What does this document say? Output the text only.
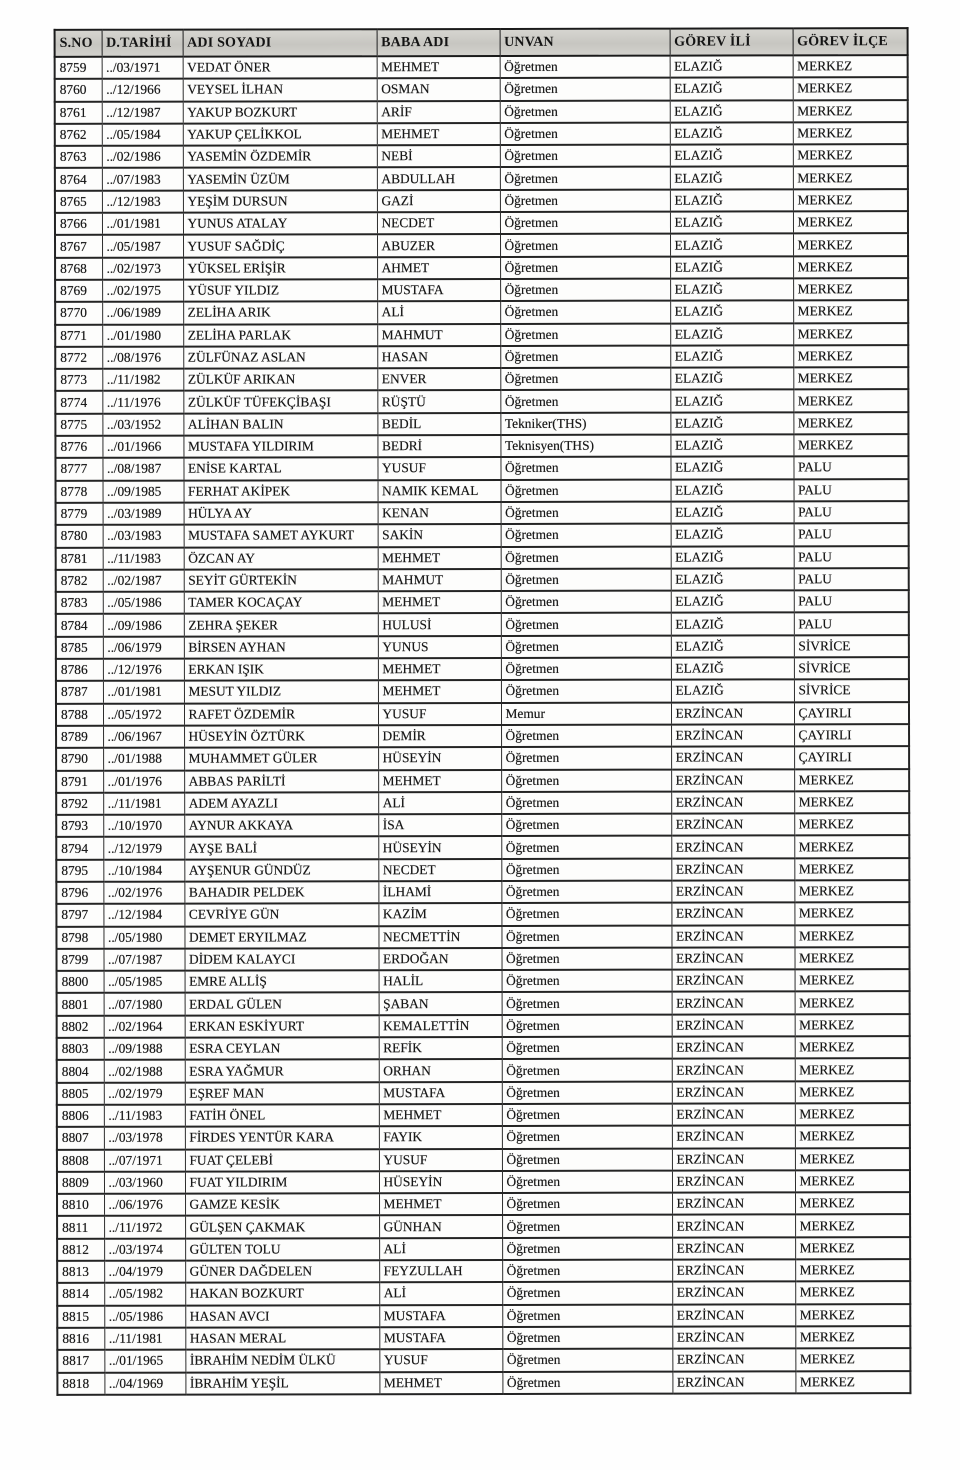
S.NO	D.TARİHİ	ADI SOYADI	BABA ADI	UNVAN	GÖREV İLİ	GÖREV İLÇE
8759	../03/1971	VEDAT ÖNER	MEHMET	Öğretmen	ELAZIĞ	MERKEZ
8760	../12/1966	VEYSEL İLHAN	OSMAN	Öğretmen	ELAZIĞ	MERKEZ
8761	../12/1987	YAKUP BOZKURT	ARİF	Öğretmen	ELAZIĞ	MERKEZ
8762	../05/1984	YAKUP ÇELİKKOL	MEHMET	Öğretmen	ELAZIĞ	MERKEZ
8763	../02/1986	YASEMİN ÖZDEMİR	NEBİ	Öğretmen	ELAZIĞ	MERKEZ
8764	../07/1983	YASEMİN ÜZÜM	ABDULLAH	Öğretmen	ELAZIĞ	MERKEZ
8765	../12/1983	YEŞİM DURSUN	GAZİ	Öğretmen	ELAZIĞ	MERKEZ
8766	../01/1981	YUNUS ATALAY	NECDET	Öğretmen	ELAZIĞ	MERKEZ
8767	../05/1987	YUSUF SAĞDİÇ	ABUZER	Öğretmen	ELAZIĞ	MERKEZ
8768	../02/1973	YÜKSEL ERİŞİR	AHMET	Öğretmen	ELAZIĞ	MERKEZ
8769	../02/1975	YÜSUF YILDIZ	MUSTAFA	Öğretmen	ELAZIĞ	MERKEZ
8770	../06/1989	ZELİHA ARIK	ALİ	Öğretmen	ELAZIĞ	MERKEZ
8771	../01/1980	ZELİHA PARLAK	MAHMUT	Öğretmen	ELAZIĞ	MERKEZ
8772	../08/1976	ZÜLFÜNAZ ASLAN	HASAN	Öğretmen	ELAZIĞ	MERKEZ
8773	../11/1982	ZÜLKÜF ARIKAN	ENVER	Öğretmen	ELAZIĞ	MERKEZ
8774	../11/1976	ZÜLKÜF TÜFEKÇİBAŞI	RÜŞTÜ	Öğretmen	ELAZIĞ	MERKEZ
8775	../03/1952	ALİHAN BALIN	BEDİL	Tekniker(THS)	ELAZIĞ	MERKEZ
8776	../01/1966	MUSTAFA YILDIRIM	BEDRİ	Teknisyen(THS)	ELAZIĞ	MERKEZ
8777	../08/1987	ENİSE KARTAL	YUSUF	Öğretmen	ELAZIĞ	PALU
8778	../09/1985	FERHAT AKİPEK	NAMIK KEMAL	Öğretmen	ELAZIĞ	PALU
8779	../03/1989	HÜLYA AY	KENAN	Öğretmen	ELAZIĞ	PALU
8780	../03/1983	MUSTAFA SAMET AYKURT	SAKİN	Öğretmen	ELAZIĞ	PALU
8781	../11/1983	ÖZCAN AY	MEHMET	Öğretmen	ELAZIĞ	PALU
8782	../02/1987	SEYİT GÜRTEKİN	MAHMUT	Öğretmen	ELAZIĞ	PALU
8783	../05/1986	TAMER KOCAÇAY	MEHMET	Öğretmen	ELAZIĞ	PALU
8784	../09/1986	ZEHRA ŞEKER	HULUSİ	Öğretmen	ELAZIĞ	PALU
8785	../06/1979	BİRSEN AYHAN	YUNUS	Öğretmen	ELAZIĞ	SİVRİCE
8786	../12/1976	ERKAN IŞIK	MEHMET	Öğretmen	ELAZIĞ	SİVRİCE
8787	../01/1981	MESUT YILDIZ	MEHMET	Öğretmen	ELAZIĞ	SİVRİCE
8788	../05/1972	RAFET ÖZDEMİR	YUSUF	Memur	ERZİNCAN	ÇAYIRLI
8789	../06/1967	HÜSEYİN ÖZTÜRK	DEMİR	Öğretmen	ERZİNCAN	ÇAYIRLI
8790	../01/1988	MUHAMMET GÜLER	HÜSEYİN	Öğretmen	ERZİNCAN	ÇAYIRLI
8791	../01/1976	ABBAS PARİLTİ	MEHMET	Öğretmen	ERZİNCAN	MERKEZ
8792	../11/1981	ADEM AYAZLI	ALİ	Öğretmen	ERZİNCAN	MERKEZ
8793	../10/1970	AYNUR AKKAYA	İSA	Öğretmen	ERZİNCAN	MERKEZ
8794	../12/1979	AYŞE BALİ	HÜSEYİN	Öğretmen	ERZİNCAN	MERKEZ
8795	../10/1984	AYŞENUR GÜNDÜZ	NECDET	Öğretmen	ERZİNCAN	MERKEZ
8796	../02/1976	BAHADIR PELDEK	İLHAMİ	Öğretmen	ERZİNCAN	MERKEZ
8797	../12/1984	CEVRİYE GÜN	KAZİM	Öğretmen	ERZİNCAN	MERKEZ
8798	../05/1980	DEMET ERYILMAZ	NECMETTİN	Öğretmen	ERZİNCAN	MERKEZ
8799	../07/1987	DİDEM KALAYCI	ERDOĞAN	Öğretmen	ERZİNCAN	MERKEZ
8800	../05/1985	EMRE ALLİŞ	HALİL	Öğretmen	ERZİNCAN	MERKEZ
8801	../07/1980	ERDAL GÜLEN	ŞABAN	Öğretmen	ERZİNCAN	MERKEZ
8802	../02/1964	ERKAN ESKİYURT	KEMALETTİN	Öğretmen	ERZİNCAN	MERKEZ
8803	../09/1988	ESRA CEYLAN	REFİK	Öğretmen	ERZİNCAN	MERKEZ
8804	../02/1988	ESRA YAĞMUR	ORHAN	Öğretmen	ERZİNCAN	MERKEZ
8805	../02/1979	EŞREF MAN	MUSTAFA	Öğretmen	ERZİNCAN	MERKEZ
8806	../11/1983	FATİH ÖNEL	MEHMET	Öğretmen	ERZİNCAN	MERKEZ
8807	../03/1978	FİRDES YENTÜR KARA	FAYIK	Öğretmen	ERZİNCAN	MERKEZ
8808	../07/1971	FUAT ÇELEBİ	YUSUF	Öğretmen	ERZİNCAN	MERKEZ
8809	../03/1960	FUAT YILDIRIM	HÜSEYİN	Öğretmen	ERZİNCAN	MERKEZ
8810	../06/1976	GAMZE KESİK	MEHMET	Öğretmen	ERZİNCAN	MERKEZ
8811	../11/1972	GÜLŞEN ÇAKMAK	GÜNHAN	Öğretmen	ERZİNCAN	MERKEZ
8812	../03/1974	GÜLTEN TOLU	ALİ	Öğretmen	ERZİNCAN	MERKEZ
8813	../04/1979	GÜNER DAĞDELEN	FEYZULLAH	Öğretmen	ERZİNCAN	MERKEZ
8814	../05/1982	HAKAN BOZKURT	ALİ	Öğretmen	ERZİNCAN	MERKEZ
8815	../05/1986	HASAN AVCI	MUSTAFA	Öğretmen	ERZİNCAN	MERKEZ
8816	../11/1981	HASAN MERAL	MUSTAFA	Öğretmen	ERZİNCAN	MERKEZ
8817	../01/1965	İBRAHİM NEDİM ÜLKÜ	YUSUF	Öğretmen	ERZİNCAN	MERKEZ
8818	../04/1969	İBRAHİM YEŞİL	MEHMET	Öğretmen	ERZİNCAN	MERKEZ
